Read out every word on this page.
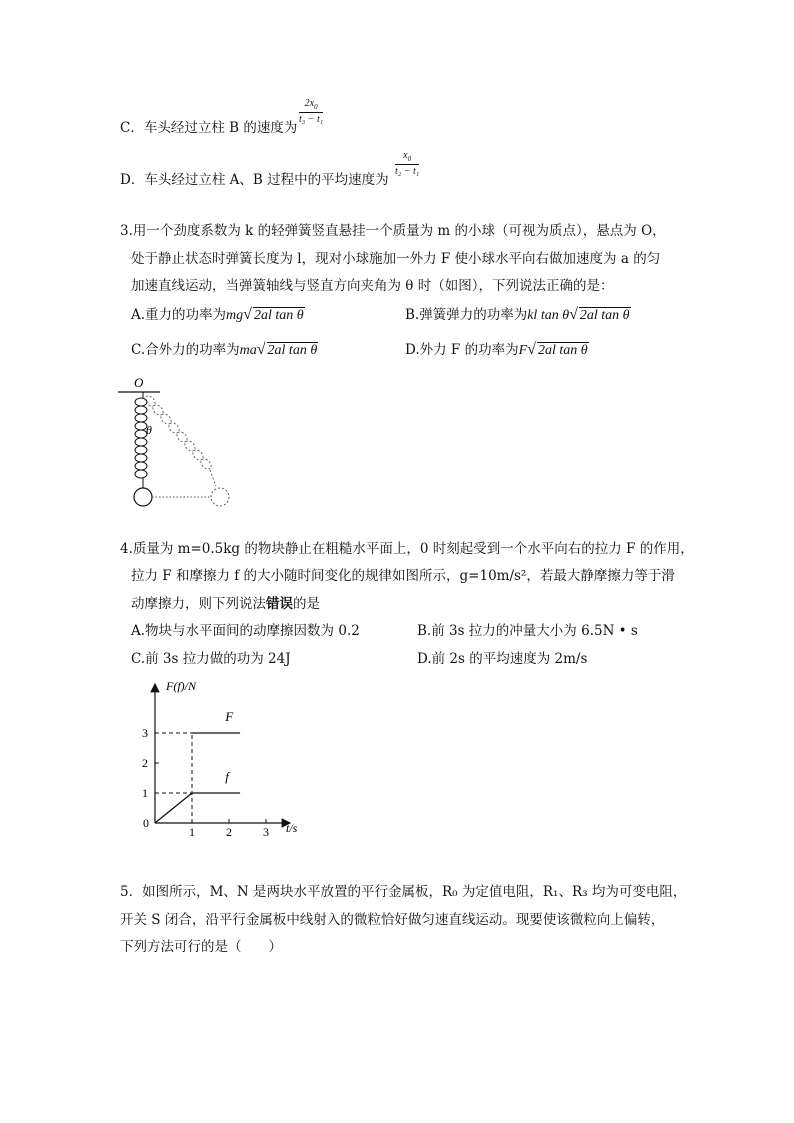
C．车头经过立柱 B 的速度为
$\frac{2x_0}{\text{t₃ − t₁}}$
D．车头经过立柱 A、B 过程中的平均速度为
$\frac{x_0}{\text{t₂ − t₁}}$
3.用一个劲度系数为 k 的轻弹簧竖直悬挂一个质量为 m 的小球（可视为质点），悬点为 O，
处于静止状态时弹簧长度为 l，现对小球施加一外力 F 使小球水平向右做加速度为 a 的匀
加速直线运动，当弹簧轴线与竖直方向夹角为 θ 时（如图），下列说法正确的是：
A.重力的功率为mg√ 2al tan θ	B.弹簧弹力的功率为kl tan θ√ 2al tan θ
C.合外力的功率为ma√ 2al tan θ	D.外力 F 的功率为F√ 2al tan θ
O
θ
4.质量为 m=0.5kg 的物块静止在粗糙水平面上，0 时刻起受到一个水平向右的拉力 F 的作用，
拉力 F 和摩擦力 f 的大小随时间变化的规律如图所示，g=10m/s²，若最大静摩擦力等于滑
动摩擦力，则下列说法错误的是
A.物块与水平面间的动摩擦因数为 0.2	B.前 3s 拉力的冲量大小为 6.5N • s
C.前 3s 拉力做的功为 24J	D.前 2s 的平均速度为 2m/s
F(f)/N
t/s
0
1	2	3
1
2
3
F
f
5．如图所示，M、N 是两块水平放置的平行金属板，R₀ 为定值电阻，R₁、R₃ 均为可变电阻，
开关 S 闭合，沿平行金属板中线射入的微粒恰好做匀速直线运动。现要使该微粒向上偏转，
下列方法可行的是（　　）
